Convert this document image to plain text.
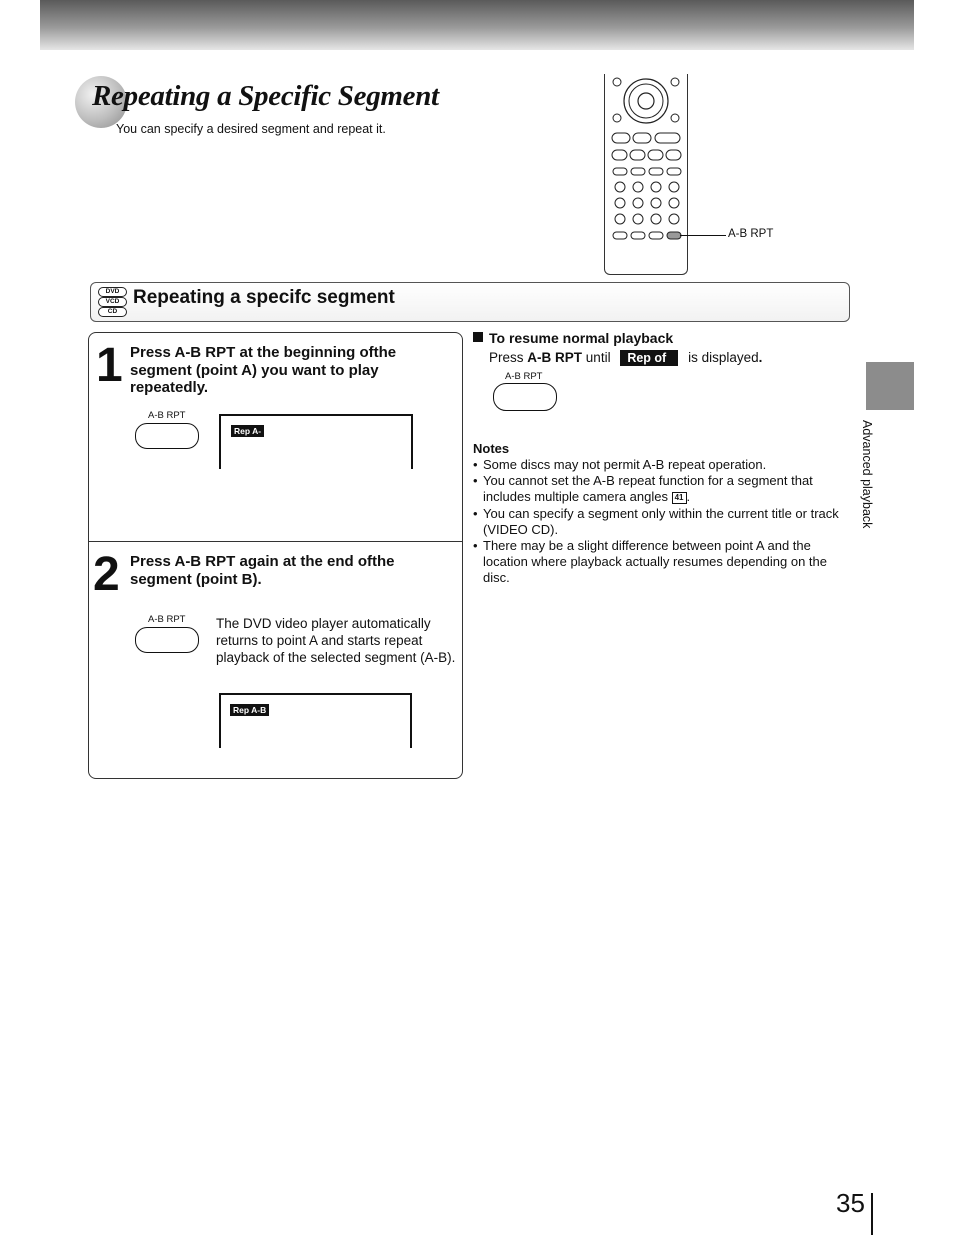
Repeating a Specific Segment
You can specify a desired segment and repeat it.
A-B RPT
DVD
VCD
CD
Repeating a specifc segment
1 Press A-B RPT at the beginning ofthe segment (point A) you want to play repeatedly.
A-B RPT
Rep A-
2 Press A-B RPT again at the end ofthe segment (point B).
A-B RPT The DVD video player automatically returns to point A and starts repeat playback of the selected segment (A-B).
Rep A-B
To resume normal playback
Press A-B RPT until Rep of is displayed.
A-B RPT
Notes
• Some discs may not permit A-B repeat operation.
• You cannot set the A-B repeat function for a segment that includes multiple camera angles 41 .
• You can specify a segment only within the current title or track (VIDEO CD).
• There may be a slight difference between point A and the location where playback actually resumes depending on the disc.
Advanced playback
35
